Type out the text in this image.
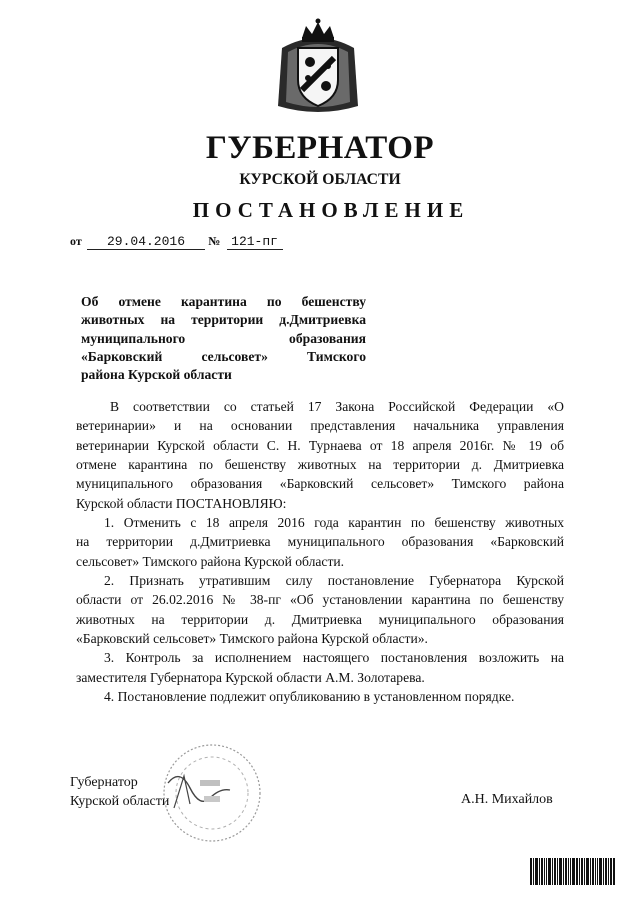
ГУБЕРНАТОР
КУРСКОЙ ОБЛАСТИ
ПОСТАНОВЛЕНИЕ
от 29.04.2016 № 121-пг
Об отмене карантина по бешенству
животных на территории д.Дмитриевка
муниципального образования
«Барковский сельсовет» Тимского
района Курской области
В соответствии со статьей 17 Закона Российской Федерации «О
ветеринарии» и на основании представления начальника управления
ветеринарии Курской области С. Н. Турнаева от 18 апреля 2016г. № 19 об
отмене карантина по бешенству животных на территории д. Дмитриевка
муниципального образования «Барковский сельсовет» Тимского района
Курской области ПОСТАНОВЛЯЮ:
1. Отменить с 18 апреля 2016 года карантин по бешенству животных
на территории д.Дмитриевка муниципального образования «Барковский
сельсовет» Тимского района Курской области.
2. Признать утратившим силу постановление Губернатора Курской
области от 26.02.2016 № 38-пг «Об установлении карантина по бешенству
животных на территории д. Дмитриевка муниципального образования
«Барковский сельсовет» Тимского района Курской области».
3. Контроль за исполнением настоящего постановления возложить на
заместителя Губернатора Курской области А.М. Золотарева.
4. Постановление подлежит опубликованию в установленном порядке.
Губернатор
Курской области	А.Н. Михайлов
